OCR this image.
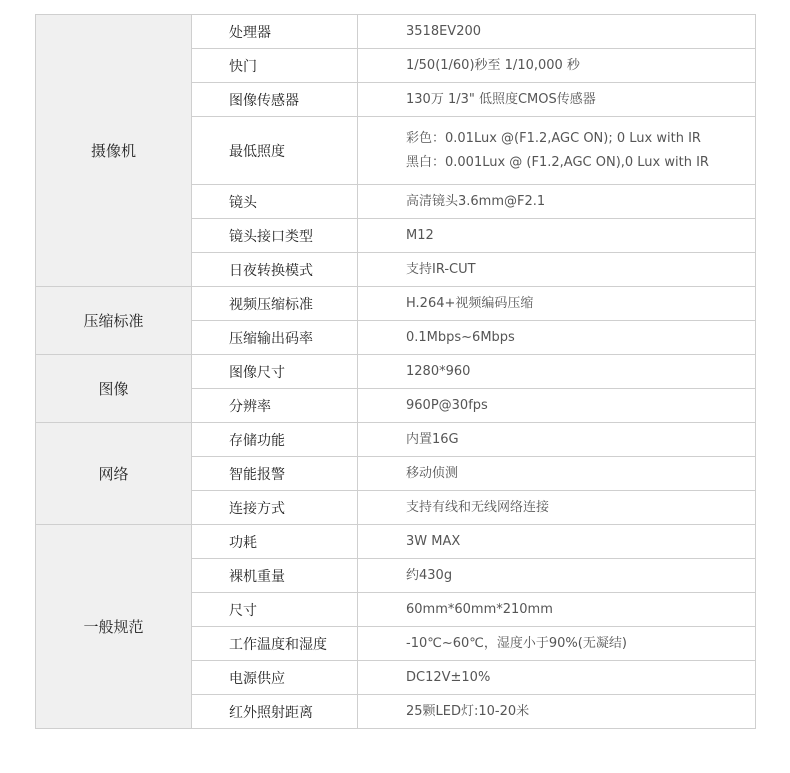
摄像机	处理器	3518EV200

	快门	1/50(1/60)秒至 1/10,000 秒

	图像传感器	130万 1/3" 低照度CMOS传感器

	最低照度	彩色：0.01Lux @(F1.2,AGC ON); 0 Lux with IR
黑白：0.001Lux @ (F1.2,AGC ON),0 Lux with IR

	镜头	高清镜头3.6mm@F2.1

	镜头接口类型	M12

	日夜转换模式	支持IR-CUT

压缩标准	视频压缩标准	H.264+视频编码压缩

	压缩输出码率	0.1Mbps~6Mbps

图像	图像尺寸	1280*960

	分辨率	960P@30fps

网络	存储功能	内置16G

	智能报警	移动侦测

	连接方式	支持有线和无线网络连接

一般规范	功耗	3W MAX

	裸机重量	约430g

	尺寸	60mm*60mm*210mm

	工作温度和湿度	-10℃~60℃，湿度小于90%(无凝结)

	电源供应	DC12V±10%

	红外照射距离	25颗LED灯:10-20米
